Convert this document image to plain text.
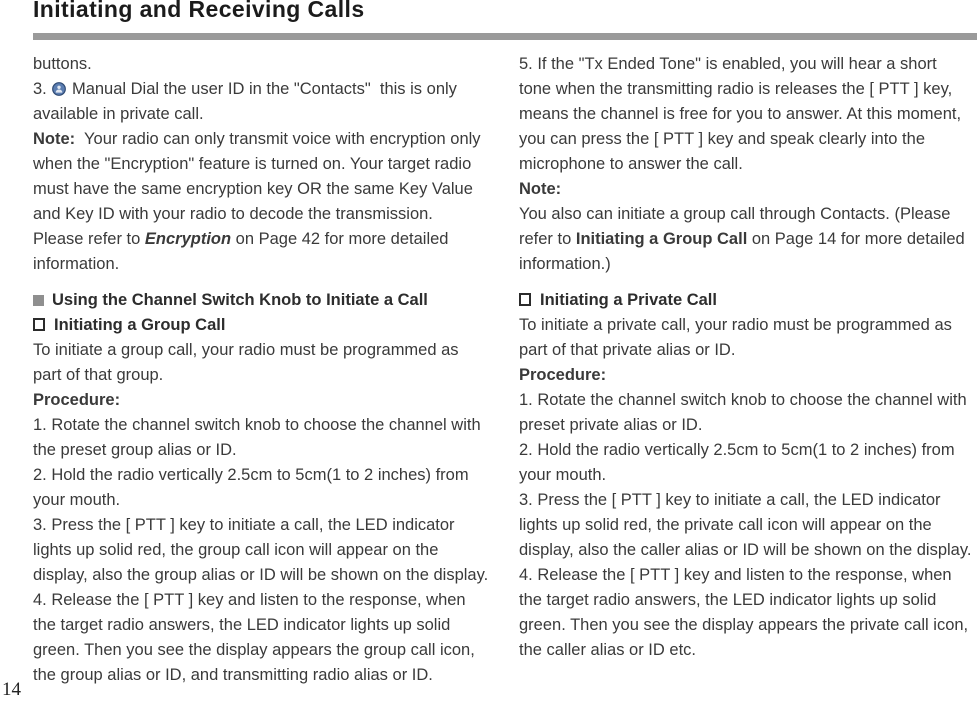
Initiating and Receiving Calls
buttons.
3.  Manual Dial the user ID in the "Contacts"  this is only
available in private call.
Note:  Your radio can only transmit voice with encryption only
when the "Encryption" feature is turned on. Your target radio
must have the same encryption key OR the same Key Value
and Key ID with your radio to decode the transmission.
Please refer to Encryption on Page 42 for more detailed
information.
Using the Channel Switch Knob to Initiate a Call
Initiating a Group Call
To initiate a group call, your radio must be programmed as
part of that group.
Procedure:
1. Rotate the channel switch knob to choose the channel with
the preset group alias or ID.
2. Hold the radio vertically 2.5cm to 5cm(1 to 2 inches) from
your mouth.
3. Press the [ PTT ] key to initiate a call, the LED indicator
lights up solid red, the group call icon will appear on the
display, also the group alias or ID will be shown on the display.
4. Release the [ PTT ] key and listen to the response, when
the target radio answers, the LED indicator lights up solid
green. Then you see the display appears the group call icon,
the group alias or ID, and transmitting radio alias or ID.
5. If the "Tx Ended Tone" is enabled, you will hear a short
tone when the transmitting radio is releases the [ PTT ] key,
means the channel is free for you to answer. At this moment,
you can press the [ PTT ] key and speak clearly into the
microphone to answer the call.
Note:
You also can initiate a group call through Contacts. (Please
refer to Initiating a Group Call on Page 14 for more detailed
information.)
Initiating a Private Call
To initiate a private call, your radio must be programmed as
part of that private alias or ID.
Procedure:
1. Rotate the channel switch knob to choose the channel with
preset private alias or ID.
2. Hold the radio vertically 2.5cm to 5cm(1 to 2 inches) from
your mouth.
3. Press the [ PTT ] key to initiate a call, the LED indicator
lights up solid red, the private call icon will appear on the
display, also the caller alias or ID will be shown on the display.
4. Release the [ PTT ] key and listen to the response, when
the target radio answers, the LED indicator lights up solid
green. Then you see the display appears the private call icon,
the caller alias or ID etc.
14
